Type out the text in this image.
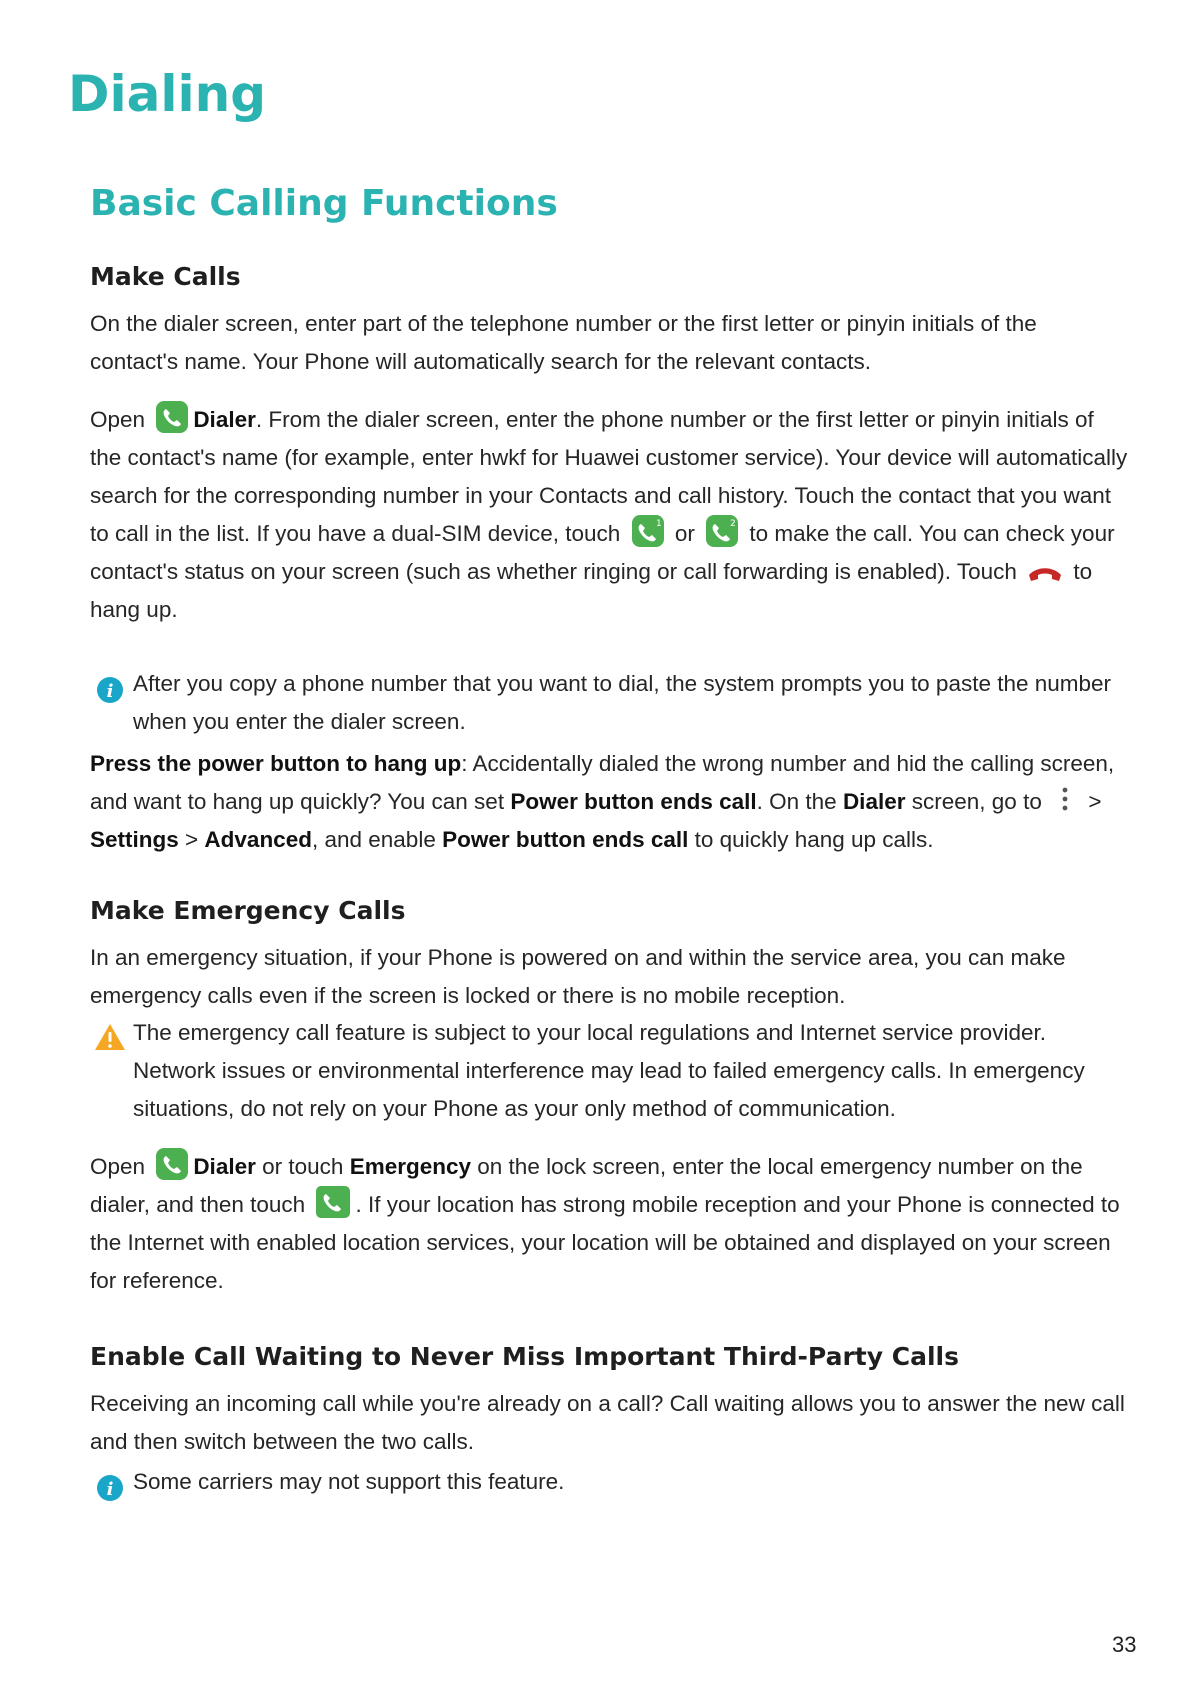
Dialing
Basic Calling Functions
Make Calls

On the dialer screen, enter part of the telephone number or the first letter or pinyin initials of the contact's name. Your Phone will automatically search for the relevant contacts.

Open Dialer. From the dialer screen, enter the phone number or the first letter or pinyin initials of the contact's name (for example, enter hwkf for Huawei customer service). Your device will automatically search for the corresponding number in your Contacts and call history. Touch the contact that you want to call in the list. If you have a dual-SIM device, touch	1 or	2 to make the call. You can check your contact's status on your screen (such as whether ringing or call forwarding is enabled). Touch	to hang up.

i After you copy a phone number that you want to dial, the system prompts you to paste the number when you enter the dialer screen.

Press the power button to hang up: Accidentally dialed the wrong number and hid the calling screen, and want to hang up quickly? You can set Power button ends call. On the Dialer screen, go to > Settings > Advanced, and enable Power button ends call to quickly hang up calls.

Make Emergency Calls

In an emergency situation, if your Phone is powered on and within the service area, you can make emergency calls even if the screen is locked or there is no mobile reception.

The emergency call feature is subject to your local regulations and Internet service provider. Network issues or environmental interference may lead to failed emergency calls. In emergency situations, do not rely on your Phone as your only method of communication.

Open Dialer or touch Emergency on the lock screen, enter the local emergency number on the dialer, and then touch . If your location has strong mobile reception and your Phone is connected to the Internet with enabled location services, your location will be obtained and displayed on your screen for reference.

Enable Call Waiting to Never Miss Important Third-Party Calls

Receiving an incoming call while you're already on a call? Call waiting allows you to answer the new call and then switch between the two calls.

i Some carriers may not support this feature.

33
